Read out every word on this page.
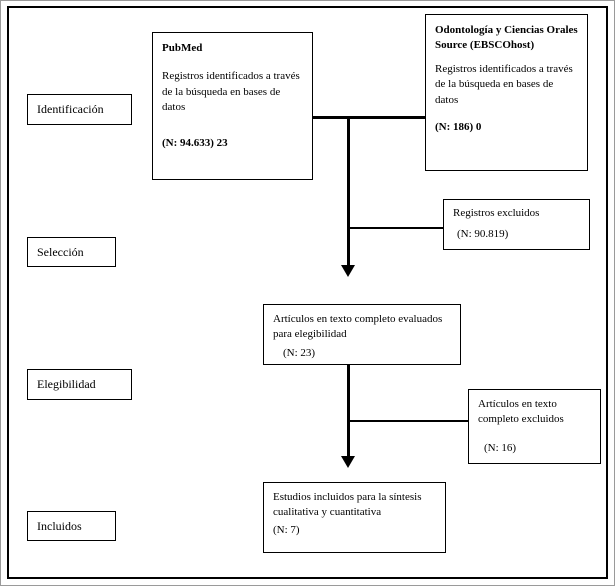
Identificación
Selección
Elegibilidad
Incluidos
PubMed
Registros identificados a través de la búsqueda en bases de datos
(N: 94.633) 23
Odontología y Ciencias Orales Source (EBSCOhost)
Registros identificados a través de la búsqueda en bases de datos
(N: 186) 0
Registros excluidos
(N: 90.819)
Artículos en texto completo evaluados para elegibilidad
(N: 23)
Artículos en texto completo excluidos
(N: 16)
Estudios incluidos para la síntesis cualitativa y cuantitativa
(N: 7)
